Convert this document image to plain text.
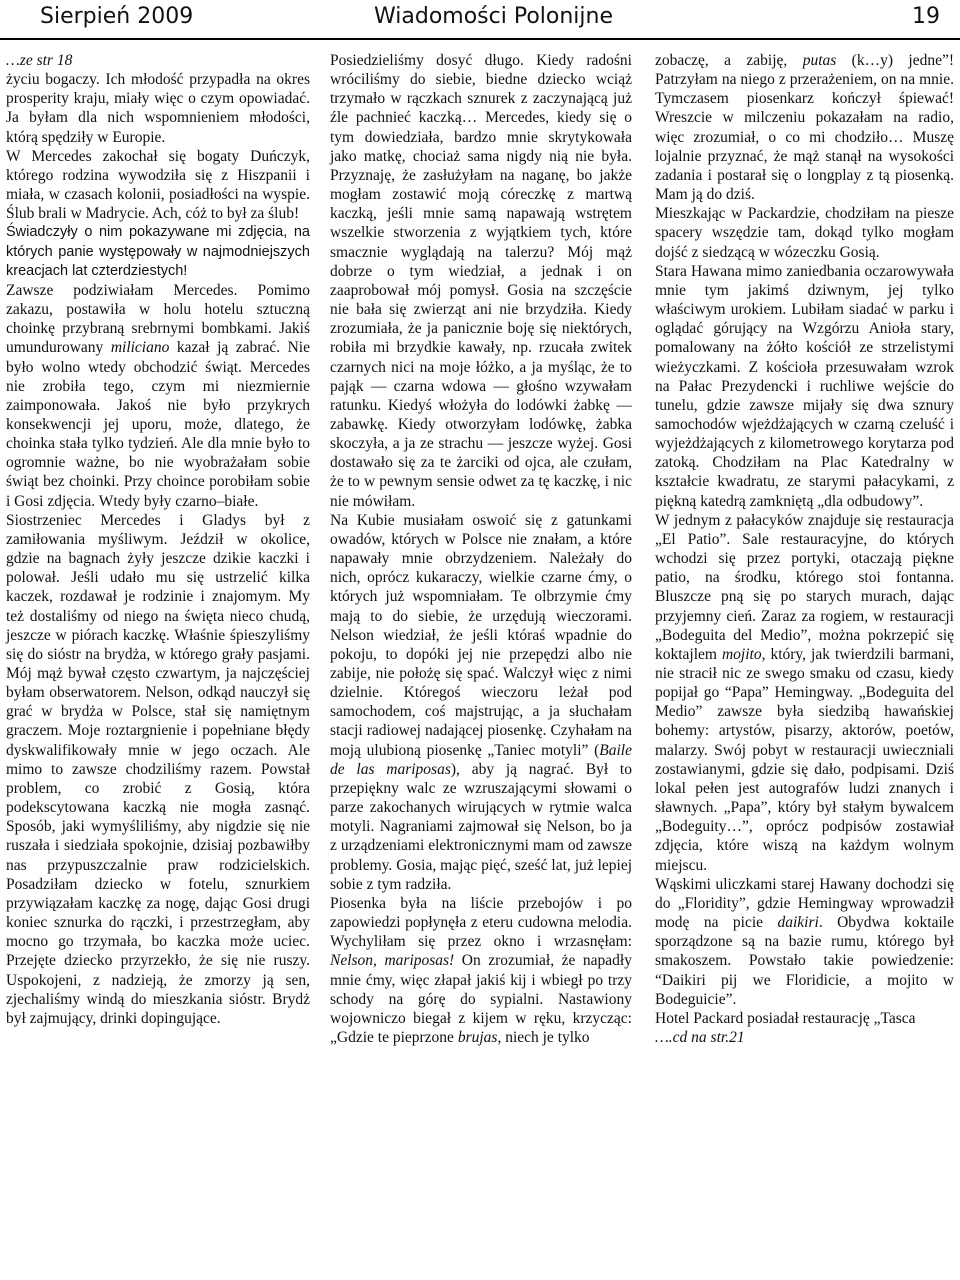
Sierpień 2009	Wiadomości Polonijne	19

…ze str 18

życiu bogaczy. Ich młodość przypadła na okres prosperity kraju, miały więc o czym opowiadać. Ja byłam dla nich wspomnieniem młodości, którą spędziły w Europie.

W Mercedes zakochał się bogaty Duńczyk, którego rodzina wywodziła się z Hiszpanii i miała, w czasach kolonii, posiadłości na wyspie. Ślub brali w Madrycie. Ach, cóż to był za ślub!

Świadczyły o nim pokazywane mi zdjęcia, na których panie występowały w najmodniejszych kreacjach lat czterdziestych!

Zawsze podziwiałam Mercedes. Pomimo zakazu, postawiła w holu hotelu sztuczną choinkę przybraną srebrnymi bombkami. Jakiś umundurowany miliciano kazał ją zabrać. Nie było wolno wtedy obchodzić świąt. Mercedes nie zrobiła tego, czym mi niezmiernie zaimponowała. Jakoś nie było przykrych konsekwencji jej uporu, może, dlatego, że choinka stała tylko tydzień. Ale dla mnie było to ogromnie ważne, bo nie wyobrażałam sobie świąt bez choinki. Przy choince porobiłam sobie i Gosi zdjęcia. Wtedy były czarno–białe.

Siostrzeniec Mercedes i Gladys był z zamiłowania myśliwym. Jeździł w okolice, gdzie na bagnach żyły jeszcze dzikie kaczki i polował. Jeśli udało mu się ustrzelić kilka kaczek, rozdawał je rodzinie i znajomym. My też dostaliśmy od niego na święta nieco chudą, jeszcze w piórach kaczkę. Właśnie śpieszyliśmy się do sióstr na brydża, w którego grały pasjami. Mój mąż bywał często czwartym, ja najczęściej byłam obserwatorem. Nelson, odkąd nauczył się grać w brydża w Polsce, stał się namiętnym graczem. Moje roztargnienie i popełniane błędy dyskwalifikowały mnie w jego oczach. Ale mimo to zawsze chodziliśmy razem. Powstał problem, co zrobić z Gosią, która podekscytowana kaczką nie mogła zasnąć. Sposób, jaki wymyśliliśmy, aby nigdzie się nie ruszała i siedziała spokojnie, dzisiaj pozbawiłby nas przypuszczalnie praw rodzicielskich. Posadziłam dziecko w fotelu, sznurkiem przywiązałam kaczkę za nogę, dając Gosi drugi koniec sznurka do rączki, i przestrzegłam, aby mocno go trzymała, bo kaczka może uciec. Przejęte dziecko przyrzekło, że się nie ruszy. Uspokojeni, z nadzieją, że zmorzy ją sen, zjechaliśmy windą do mieszkania sióstr. Brydż był zajmujący, drinki dopingujące.

Posiedzieliśmy dosyć długo. Kiedy radośni wróciliśmy do siebie, biedne dziecko wciąż trzymało w rączkach sznurek z zaczynającą już źle pachnieć kaczką… Mercedes, kiedy się o tym dowiedziała, bardzo mnie skrytykowała jako matkę, chociaż sama nigdy nią nie była. Przyznaję, że zasłużyłam na naganę, bo jakże mogłam zostawić moją córeczkę z martwą kaczką, jeśli mnie samą napawają wstrętem wszelkie stworzenia z wyjątkiem tych, które smacznie wyglądają na talerzu? Mój mąż dobrze o tym wiedział, a jednak i on zaaprobował mój pomysł. Gosia na szczęście nie bała się zwierząt ani nie brzydziła. Kiedy zrozumiała, że ja panicznie boję się niektórych, robiła mi brzydkie kawały, np. rzucała zwitek czarnych nici na moje łóżko, a ja myśląc, że to pająk — czarna wdowa — głośno wzywałam ratunku. Kiedyś włożyła do lodówki żabkę — zabawkę. Kiedy otworzyłam lodówkę, żabka skoczyła, a ja ze strachu — jeszcze wyżej. Gosi dostawało się za te żarciki od ojca, ale czułam, że to w pewnym sensie odwet za tę kaczkę, i nic nie mówiłam.

Na Kubie musiałam oswoić się z gatunkami owadów, których w Polsce nie znałam, a które napawały mnie obrzydzeniem. Należały do nich, oprócz kukaraczy, wielkie czarne ćmy, o których już wspomniałam. Te olbrzymie ćmy mają to do siebie, że urzędują wieczorami. Nelson wiedział, że jeśli któraś wpadnie do pokoju, to dopóki jej nie przepędzi albo nie zabije, nie położę się spać. Walczył więc z nimi dzielnie. Któregoś wieczoru leżał pod samochodem, coś majstrując, a ja słuchałam stacji radiowej nadającej piosenkę. Czyhałam na moją ulubioną piosenkę „Taniec motyli” (Baile de las mariposas), aby ją nagrać. Był to przepiękny walc ze wzruszającymi słowami o parze zakochanych wirujących w rytmie walca motyli. Nagraniami zajmował się Nelson, bo ja z urządzeniami elektronicznymi mam od zawsze problemy. Gosia, mając pięć, sześć lat, już lepiej sobie z tym radziła.

Piosenka była na liście przebojów i po zapowiedzi popłynęła z eteru cudowna melodia. Wychyliłam się przez okno i wrzasnęłam: Nelson, mariposas! On zrozumiał, że napadły mnie ćmy, więc złapał jakiś kij i wbiegł po trzy schody na górę do sypialni. Nastawiony wojowniczo biegał z kijem w ręku, krzycząc: „Gdzie te pieprzone brujas, niech je tylko

zobaczę, a zabiję, putas (k…y) jedne”! Patrzyłam na niego z przerażeniem, on na mnie. Tymczasem piosenkarz kończył śpiewać! Wreszcie w milczeniu pokazałam na radio, więc zrozumiał, o co mi chodziło… Muszę lojalnie przyznać, że mąż stanął na wysokości zadania i postarał się o longplay z tą piosenką. Mam ją do dziś.

Mieszkając w Packardzie, chodziłam na piesze spacery wszędzie tam, dokąd tylko mogłam dojść z siedzącą w wózeczku Gosią.

Stara Hawana mimo zaniedbania oczarowywała mnie tym jakimś dziwnym, jej tylko właściwym urokiem. Lubiłam siadać w parku i oglądać górujący na Wzgórzu Anioła stary, pomalowany na żółto kościół ze strzelistymi wieżyczkami. Z kościoła przesuwałam wzrok na Pałac Prezydencki i ruchliwe wejście do tunelu, gdzie zawsze mijały się dwa sznury samochodów wjeżdżających w czarną czeluść i wyjeżdżających z kilometrowego korytarza pod zatoką. Chodziłam na Plac Katedralny w kształcie kwadratu, ze starymi pałacykami, z piękną katedrą zamkniętą „dla odbudowy”.

W jednym z pałacyków znajduje się restauracja „El Patio”. Sale restauracyjne, do których wchodzi się przez portyki, otaczają piękne patio, na środku, którego stoi fontanna. Bluszcze pną się po starych murach, dając przyjemny cień. Zaraz za rogiem, w restauracji „Bodeguita del Medio”, można pokrzepić się koktajlem mojito, który, jak twierdzili barmani, nie stracił nic ze swego smaku od czasu, kiedy popijał go “Papa” Hemingway. „Bodeguita del Medio” zawsze była siedzibą hawańskiej bohemy: artystów, pisarzy, aktorów, poetów, malarzy. Swój pobyt w restauracji uwieczniali zostawianymi, gdzie się dało, podpisami. Dziś lokal pełen jest autografów ludzi znanych i sławnych. „Papa”, który był stałym bywalcem „Bodeguity…”, oprócz podpisów zostawiał zdjęcia, które wiszą na każdym wolnym miejscu.

Wąskimi uliczkami starej Hawany dochodzi się do „Floridity”, gdzie Hemingway wprowadził modę na picie daikiri. Obydwa koktaile sporządzone są na bazie rumu, którego był smakoszem. Powstało takie powiedzenie: “Daikiri pij we Floridicie, a mojito w Bodeguicie”.

Hotel Packard posiadał restaurację „Tasca

….cd na str.21
